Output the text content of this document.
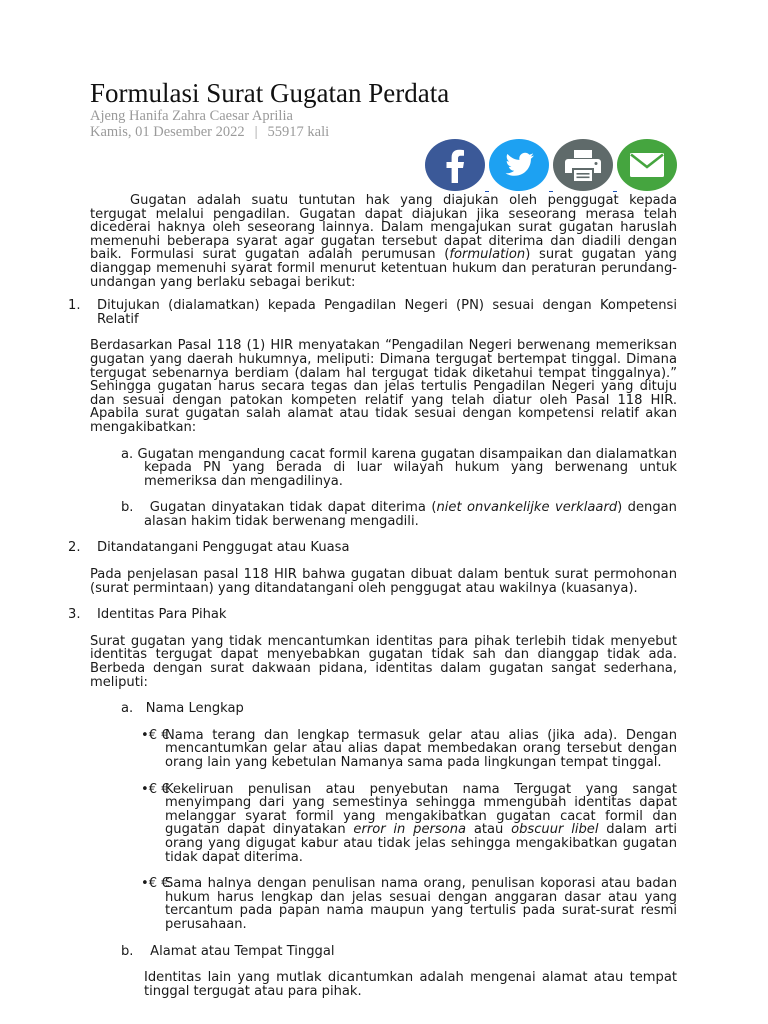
Formulasi Surat Gugatan Perdata
Ajeng Hanifa Zahra Caesar Aprilia
Kamis, 01 Desember 2022 | 55917 kali

Gugatan adalah suatu tuntutan hak yang diajukan oleh penggugat kepada tergugat melalui pengadilan. Gugatan dapat diajukan jika seseorang merasa telah dicederai haknya oleh seseorang lainnya. Dalam mengajukan surat gugatan haruslah memenuhi beberapa syarat agar gugatan tersebut dapat diterima dan diadili dengan baik. Formulasi surat gugatan adalah perumusan (formulation) surat gugatan yang dianggap memenuhi syarat formil menurut ketentuan hukum dan peraturan perundang-undangan yang berlaku sebagai berikut:

1. Ditujukan (dialamatkan) kepada Pengadilan Negeri (PN) sesuai dengan Kompetensi Relatif

Berdasarkan Pasal 118 (1) HIR menyatakan “Pengadilan Negeri berwenang memeriksan gugatan yang daerah hukumnya, meliputi: Dimana tergugat bertempat tinggal. Dimana tergugat sebenarnya berdiam (dalam hal tergugat tidak diketahui tempat tinggalnya).” Sehingga gugatan harus secara tegas dan jelas tertulis Pengadilan Negeri yang dituju dan sesuai dengan patokan kompeten relatif yang telah diatur oleh Pasal 118 HIR. Apabila surat gugatan salah alamat atau tidak sesuai dengan kompetensi relatif akan mengakibatkan:

a. Gugatan mengandung cacat formil karena gugatan disampaikan dan dialamatkan kepada PN yang berada di luar wilayah hukum yang berwenang untuk memeriksa dan mengadilinya.

b. Gugatan dinyatakan tidak dapat diterima (niet onvankelijke verklaard) dengan alasan hakim tidak berwenang mengadili.

2. Ditandatangani Penggugat atau Kuasa

Pada penjelasan pasal 118 HIR bahwa gugatan dibuat dalam bentuk surat permohonan (surat permintaan) yang ditandatangani oleh penggugat atau wakilnya (kuasanya).

3. Identitas Para Pihak

Surat gugatan yang tidak mencantumkan identitas para pihak terlebih tidak menyebut identitas tergugat dapat menyebabkan gugatan tidak sah dan dianggap tidak ada. Berbeda dengan surat dakwaan pidana, identitas dalam gugatan sangat sederhana, meliputi:

a. Nama Lengkap

•€ €

Nama terang dan lengkap termasuk gelar atau alias (jika ada). Dengan mencantumkan gelar atau alias dapat membedakan orang tersebut dengan orang lain yang kebetulan Namanya sama pada lingkungan tempat tinggal.

•€ €

Kekeliruan penulisan atau penyebutan nama Tergugat yang sangat menyimpang dari yang semestinya sehingga mmengubah identitas dapat melanggar syarat formil yang mengakibatkan gugatan cacat formil dan gugatan dapat dinyatakan error in persona atau obscuur libel dalam arti orang yang digugat kabur atau tidak jelas sehingga mengakibatkan gugatan tidak dapat diterima.

•€ €

Sama halnya dengan penulisan nama orang, penulisan koporasi atau badan hukum harus lengkap dan jelas sesuai dengan anggaran dasar atau yang tercantum pada papan nama maupun yang tertulis pada surat-surat resmi perusahaan.

b. Alamat atau Tempat Tinggal

Identitas lain yang mutlak dicantumkan adalah mengenai alamat atau tempat tinggal tergugat atau para pihak.
